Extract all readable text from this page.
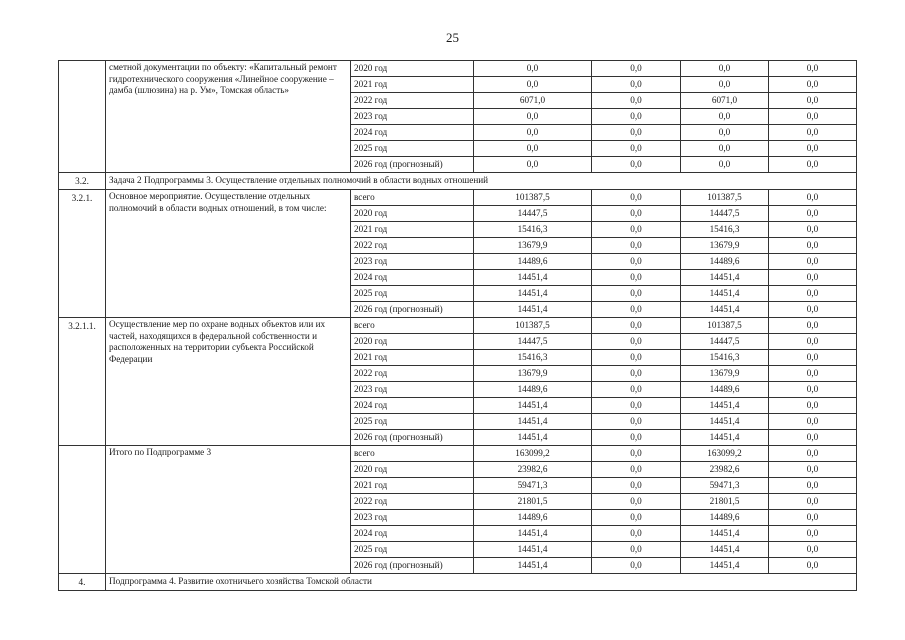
25
	сметной документации по объекту: «Капитальный ремонт гидротехнического сооружения «Линейное сооружение – дамба (шлюзина) на р. Ум», Томская область»	2020 год	0,0	0,0	0,0	0,0
		2021 год	0,0	0,0	0,0	0,0
		2022 год	6071,0	0,0	6071,0	0,0
		2023 год	0,0	0,0	0,0	0,0
		2024 год	0,0	0,0	0,0	0,0
		2025 год	0,0	0,0	0,0	0,0
		2026 год (прогнозный)	0,0	0,0	0,0	0,0
3.2.	Задача 2 Подпрограммы 3. Осуществление отдельных полномочий в области водных отношений					
3.2.1.	Основное мероприятие. Осуществление отдельных полномочий в области водных отношений, в том числе:	всего	101387,5	0,0	101387,5	0,0
		2020 год	14447,5	0,0	14447,5	0,0
		2021 год	15416,3	0,0	15416,3	0,0
		2022 год	13679,9	0,0	13679,9	0,0
		2023 год	14489,6	0,0	14489,6	0,0
		2024 год	14451,4	0,0	14451,4	0,0
		2025 год	14451,4	0,0	14451,4	0,0
		2026 год (прогнозный)	14451,4	0,0	14451,4	0,0
3.2.1.1.	Осуществление мер по охране водных объектов или их частей, находящихся в федеральной собственности и расположенных на территории субъекта Российской Федерации	всего	101387,5	0,0	101387,5	0,0
		2020 год	14447,5	0,0	14447,5	0,0
		2021 год	15416,3	0,0	15416,3	0,0
		2022 год	13679,9	0,0	13679,9	0,0
		2023 год	14489,6	0,0	14489,6	0,0
		2024 год	14451,4	0,0	14451,4	0,0
		2025 год	14451,4	0,0	14451,4	0,0
		2026 год (прогнозный)	14451,4	0,0	14451,4	0,0
	Итого по Подпрограмме 3	всего	163099,2	0,0	163099,2	0,0
		2020 год	23982,6	0,0	23982,6	0,0
		2021 год	59471,3	0,0	59471,3	0,0
		2022 год	21801,5	0,0	21801,5	0,0
		2023 год	14489,6	0,0	14489,6	0,0
		2024 год	14451,4	0,0	14451,4	0,0
		2025 год	14451,4	0,0	14451,4	0,0
		2026 год (прогнозный)	14451,4	0,0	14451,4	0,0
4.	Подпрограмма 4. Развитие охотничьего хозяйства Томской области					
